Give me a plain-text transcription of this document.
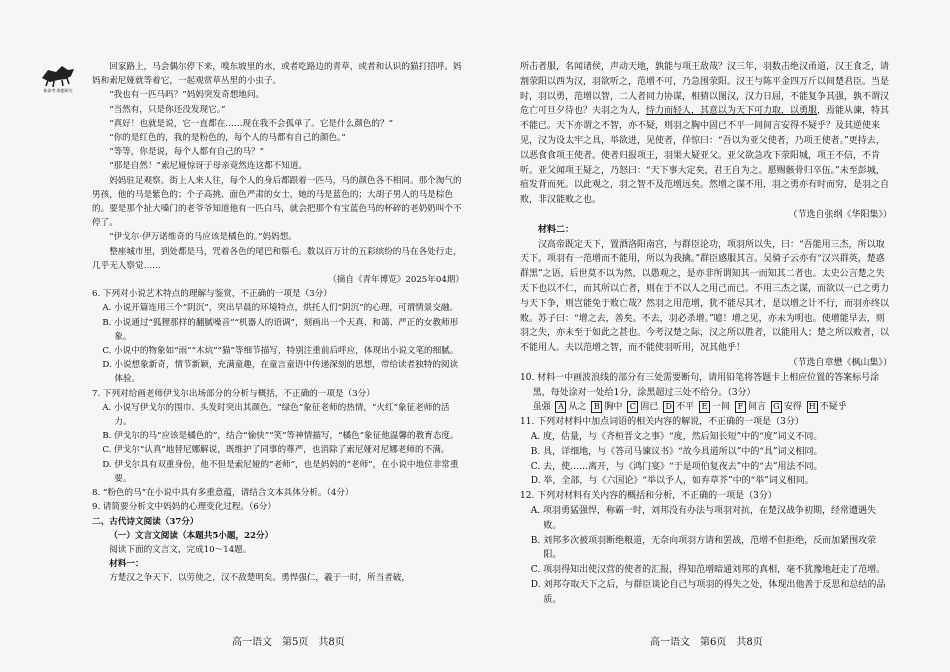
新高考·命题研究

回家路上，马会偶尔停下来，嗅东坡里的水，或者吃路边的青草，或者和认识的猫打招呼。妈妈和索尼娅就等着它，一起观赏草丛里的小虫子。

“我也有一匹马吗？”妈妈突发奇想地问。

“当然有，只是你还没发现它。”

“真好！也就是说，它一直都在……现在我不会孤单了。它是什么颜色的？”

“你的是红色的，我的是粉色的，每个人的马都有自己的颜色。”

“等等，你是说，每个人都有自己的马？”

“那是自然！”索尼娅惊讶于母亲竟然连这都不知道。

妈妈驻足观察。街上人来人往，每个人的身后都跟着一匹马，马的颜色各不相同。那个淘气的男孩，他的马是紫色的；个子高挑、面色严肃的女士，她的马是蓝色的；大胡子男人的马是棕色的。要是那个扯大嗓门的老爷爷知道他有一匹白马，就会把那个有宝蓝色马的杯碎的老奶奶叫个不停了。

“伊戈尔·伊万诺维奇的马应该是橘色的。”妈妈想。

整座城市里，到处都是马，咒着各色的尾巴和鬃毛。数以百万计的五彩缤纷的马在各处行走，几乎无人察觉……

（摘自《青年博览》2025年04期）

6. 下列对小说艺术特点的理解与鉴赏，不正确的一项是（3分）

A. 小说开篇连用三个“阴沉”，突出早晨的环境特点，烘托人们“阴沉”的心理，可谓情景交融。

B. 小说通过“狐狸那样的翻腻噪音”“机器人的语调”，刻画出一个天真、和蔼、严正的女教师形象。

C. 小说中的物象如“雨”“木炕”“猫”等细节描写，特别注重前后呼应，体现出小说文笔的细腻。

D. 小说想象新奇，情节新颖，充满童趣，在童言童语中传递深刻的思想，带给读者独特的阅读体验。

7. 下列对给画老师伊戈尔出场部分的分析与概括，不正确的一项是（3分）

A. 小说写伊戈尔的围巾、头发时突出其颜色，“绿色”象征老师的热情，“火红”象征老师的活力。

B. 伊戈尔的马“应该是橘色的”，结合“愉快”“笑”等神情描写，“橘色”象征他温馨的教育态度。

C. 伊戈尔“认真”地替尼娜解说，既维护了同事的尊严，也消除了索尼娅对尼娜老师的不满。

D. 伊戈尔具有双重身份，他不但是索尼娅的“老师”，也是妈妈的“老师”，在小说中地位非常重要。

8. “粉色的马”在小说中具有多重意蕴，请结合文本具体分析。（4分）

9. 请简要分析文中妈妈的心理变化过程。（6分）

二、古代诗文阅读（37分）

（一）文言文阅读（本题共5小题，22分）

阅读下面的文言文，完成10～14题。

材料一：

方楚汉之争天下，以劳使之，汉不敌楚明矣。勇悍强仁，羲于一时，所当者破，

所击者服，名闻诸侯，声动天地，孰能与项王敌哉？汉三年，羽数击绝汉甬道，汉王食乏，请割荥阳以西为汉，羽欲听之，范增不可，乃急围荥阳。汉王与陈平金四万斤以间楚君臣。当是时，羽以勇，范增以智，二人者同力协谋，相猜以图汉，汉力日屈，不能复争其强，孰不谓汉危亡可旦夕待也？夫羽之为人，恃力而轻人，其意以为天下可力取，以勇服，焉能从谏，特其不能已。天下亦谓之不智，亦不疑，则羽之胸中固已不平一间间言安得不疑乎？及其逆使来见，汉为设太牢之具，举欲进，见使者，佯惊曰：“吾以为亚父使者，乃项王使者。”更持去，以恶食食项王使者。使者归报项王，羽果大疑亚父。亚父欲急攻下荥阳城，项王不信，不肯听。亚父闻项王疑之，乃怒曰：“天下事大定矣，君王自为之。愿赐骸骨归卒伍。”未至彭城，疽发背而死。以此观之，羽之智不及范增远矣。然增之谋不用，羽之勇亦有时而穷，是羽之自败，非汉能败之也。

（节选自张纲《华阳集》）

材料二：

汉高帝既定天下，置酒洛阳南宫，与群臣论功，项羽所以失，曰：“吾能用三杰，所以取天下。项羽有一范增而不能用，所以为我擒。”群臣感服其言。吴骑子云亦有“汉兴群英，楚惑群黑”之语，后世莫不以为然，以愚观之，是亦非所谓知其一而知其二者也。太史公言楚之失天下也以不仁，而其所以亡者，则在于不以人之用己而已。不用三杰之谋，而欲以一己之勇力与天下争，则岂能免于败亡哉？然羽之用范增，犹不能尽其才，是以增之计不行，而羽亦终以败。苏子曰：“增之去，善矣。不去，羽必杀增。”噫！增之见，亦未为明也。使增能早去，则羽之失，亦未至于如此之甚也。今考汉楚之际，汉之所以胜者，以能用人；楚之所以败者，以不能用人。夫以范增之智，而不能使羽听用，况其他乎！

（节选自章懋《枫山集》）

10. 材料一中画波浪线的部分有三处需要断句，请用铅笔将答题卡上相应位置的答案标号涂黑，每处涂对一处给1分，涂黑超过三处不给分。（3分）

虽强 A 从之 B 胸中 C 固已 D 不平 E 一间 F 间言 G 安得 H 不疑乎

11. 下列对材料中加点词语的相关内容的解说，不正确的一项是（3分）

A. 度，估量，与《齐桓晋文之事》“度，然后知长短”中的“度”词义不同。

B. 具，详细地，与《答司马谏议书》“故今具道所以”中的“具”词义相同。

C. 去，使……离开，与《鸿门宴》“于是项伯复夜去”中的“去”用法不同。

D. 举，全部，与《六国论》“举以予人，如弃草芥”中的“举”词义相同。

12. 下列对材料有关内容的概括和分析，不正确的一项是（3分）

A. 项羽勇猛强悍，称霸一时，刘邦没有办法与项羽对抗，在楚汉战争初期，经常遭遇失败。

B. 刘邦多次被项羽断绝粮道，无奈向项羽方请和罢战，范增不但拒绝，反而加紧围攻荥阳。

C. 项羽得知出使汉营的使者的汇报，得知范增暗通刘邦的真相，毫不犹豫地赶走了范增。

D. 刘邦夺取天下之后，与群臣谈论自己与项羽的得失之处，体现出他善于反思和总结的品质。

高一语文　第5页　共8页	高一语文　第6页　共8页
